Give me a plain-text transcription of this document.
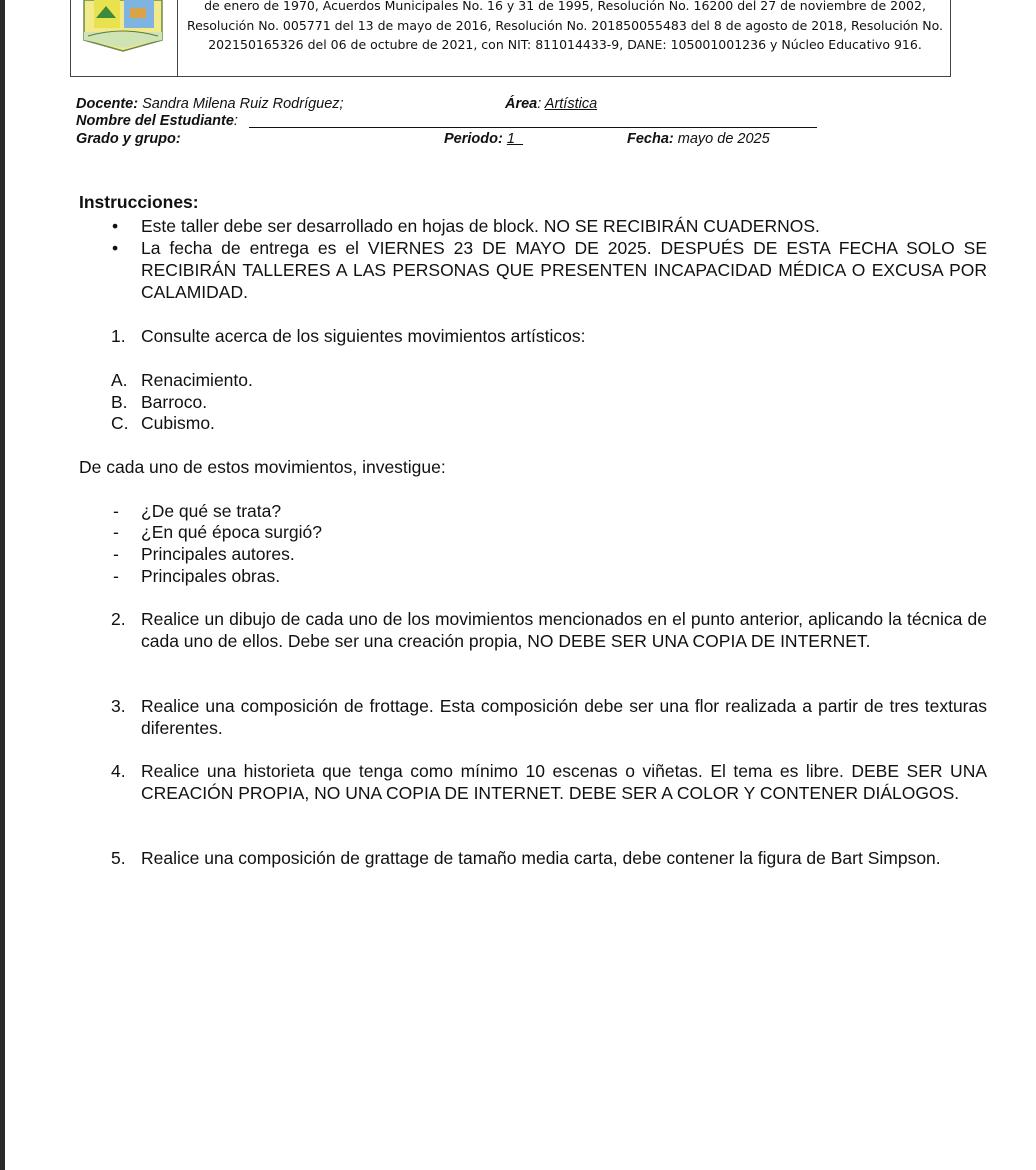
de enero de 1970, Acuerdos Municipales No. 16 y 31 de 1995, Resolución No. 16200 del 27 de noviembre de 2002,
Resolución No. 005771 del 13 de mayo de 2016, Resolución No. 201850055483 del 8 de agosto de 2018, Resolución No.
202150165326 del 06 de octubre de 2021, con NIT: 811014433-9, DANE: 105001001236 y Núcleo Educativo 916.
Docente: Sandra Milena Ruiz Rodríguez;	Área: Artística
Nombre del Estudiante:
Grado y grupo:	Periodo: 1	Fecha: mayo de 2025
Instrucciones:
• Este taller debe ser desarrollado en hojas de block. NO SE RECIBIRÁN CUADERNOS.
• La fecha de entrega es el VIERNES 23 DE MAYO DE 2025. DESPUÉS DE ESTA FECHA SOLO SE RECIBIRÁN TALLERES A LAS PERSONAS QUE PRESENTEN INCAPACIDAD MÉDICA O EXCUSA POR CALAMIDAD.
1. Consulte acerca de los siguientes movimientos artísticos:
A. Renacimiento.
B. Barroco.
C. Cubismo.
De cada uno de estos movimientos, investigue:
- ¿De qué se trata?
- ¿En qué época surgió?
- Principales autores.
- Principales obras.
2. Realice un dibujo de cada uno de los movimientos mencionados en el punto anterior, aplicando la técnica de cada uno de ellos. Debe ser una creación propia, NO DEBE SER UNA COPIA DE INTERNET.
3. Realice una composición de frottage. Esta composición debe ser una flor realizada a partir de tres texturas diferentes.
4. Realice una historieta que tenga como mínimo 10 escenas o viñetas. El tema es libre. DEBE SER UNA CREACIÓN PROPIA, NO UNA COPIA DE INTERNET. DEBE SER A COLOR Y CONTENER DIÁLOGOS.
5. Realice una composición de grattage de tamaño media carta, debe contener la figura de Bart Simpson.
